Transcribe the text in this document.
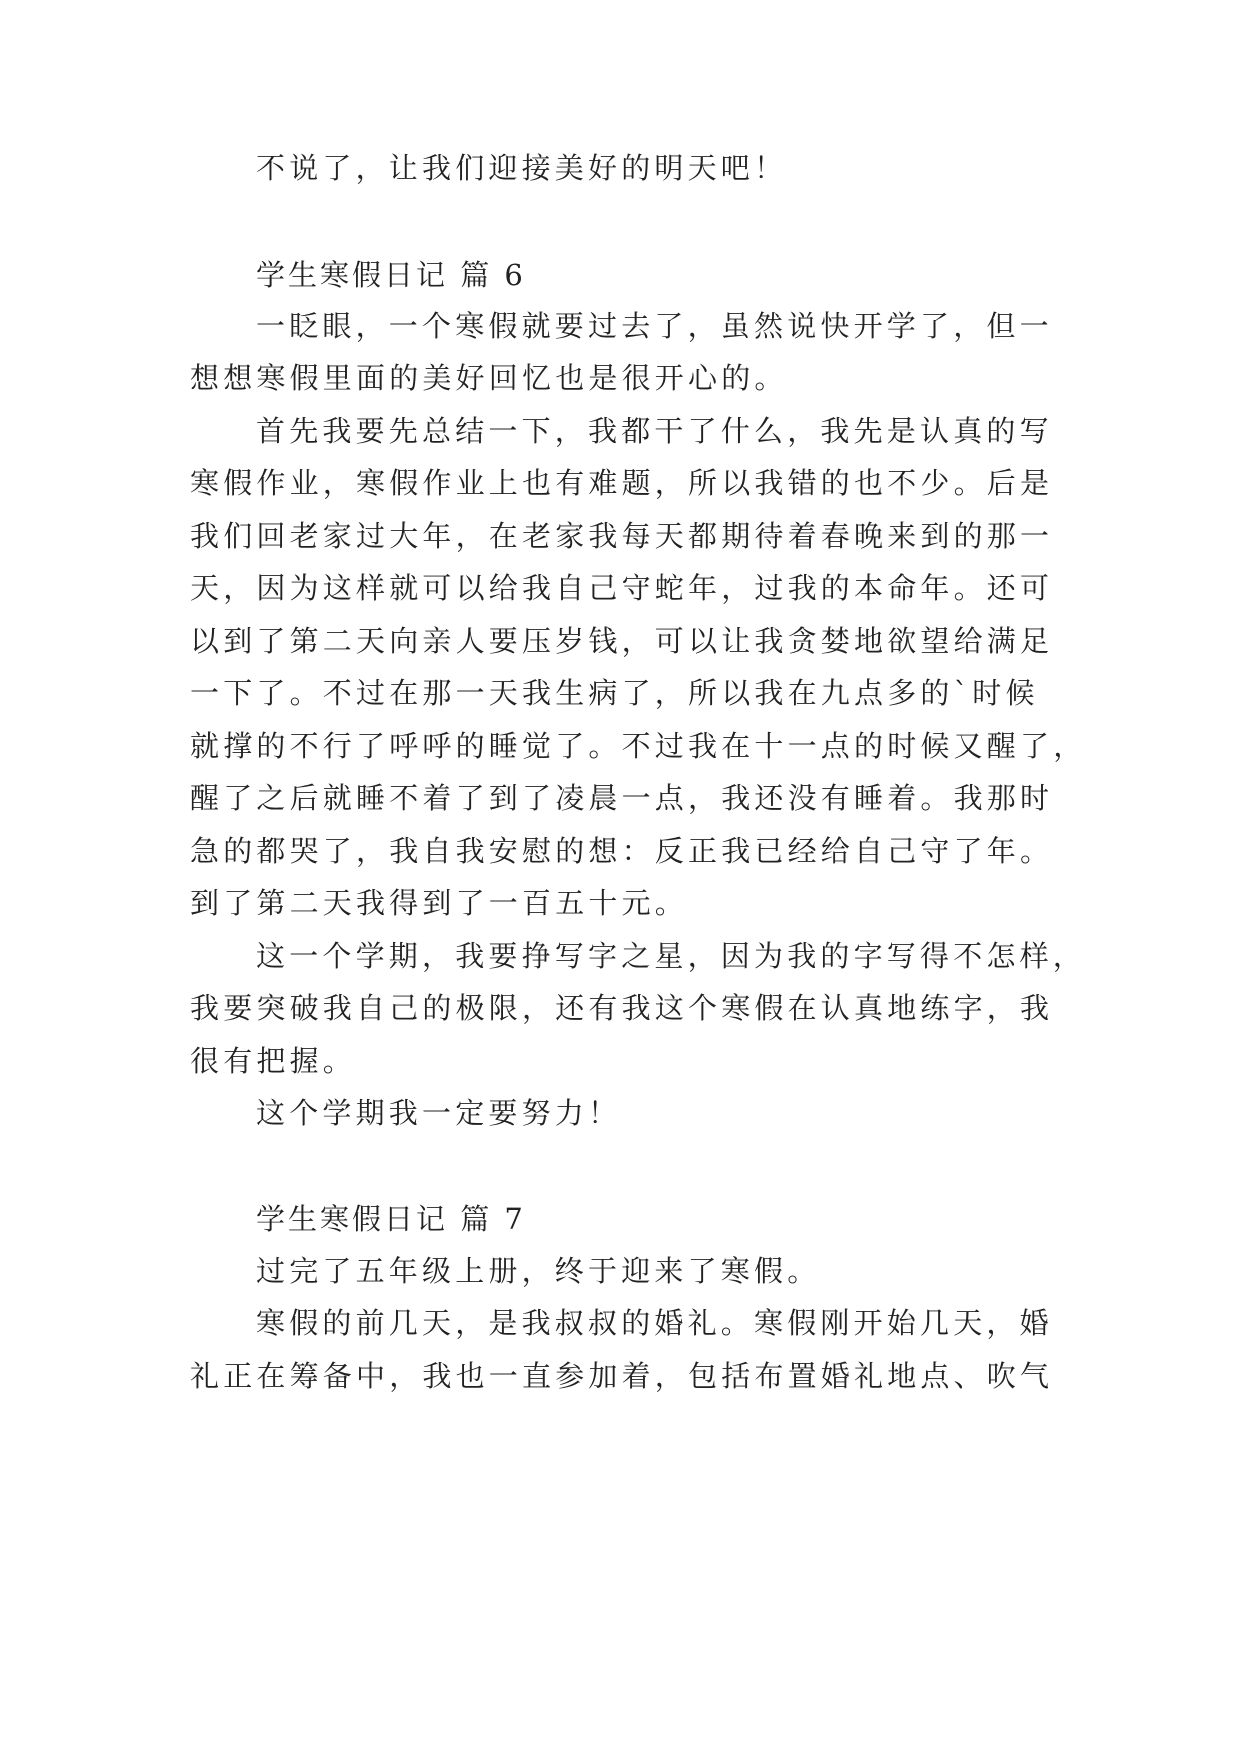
不说了，让我们迎接美好的明天吧！
学生寒假日记 篇 6
一眨眼，一个寒假就要过去了，虽然说快开学了，但一
想想寒假里面的美好回忆也是很开心的。
首先我要先总结一下，我都干了什么，我先是认真的写
寒假作业，寒假作业上也有难题，所以我错的也不少。后是
我们回老家过大年，在老家我每天都期待着春晚来到的那一
天，因为这样就可以给我自己守蛇年，过我的本命年。还可
以到了第二天向亲人要压岁钱，可以让我贪婪地欲望给满足
一下了。不过在那一天我生病了，所以我在九点多的`时候
就撑的不行了呼呼的睡觉了。不过我在十一点的时候又醒了，
醒了之后就睡不着了到了凌晨一点，我还没有睡着。我那时
急的都哭了，我自我安慰的想：反正我已经给自己守了年。
到了第二天我得到了一百五十元。
这一个学期，我要挣写字之星，因为我的字写得不怎样，
我要突破我自己的极限，还有我这个寒假在认真地练字，我
很有把握。
这个学期我一定要努力！
学生寒假日记 篇 7
过完了五年级上册，终于迎来了寒假。
寒假的前几天，是我叔叔的婚礼。寒假刚开始几天，婚
礼正在筹备中，我也一直参加着，包括布置婚礼地点、吹气
